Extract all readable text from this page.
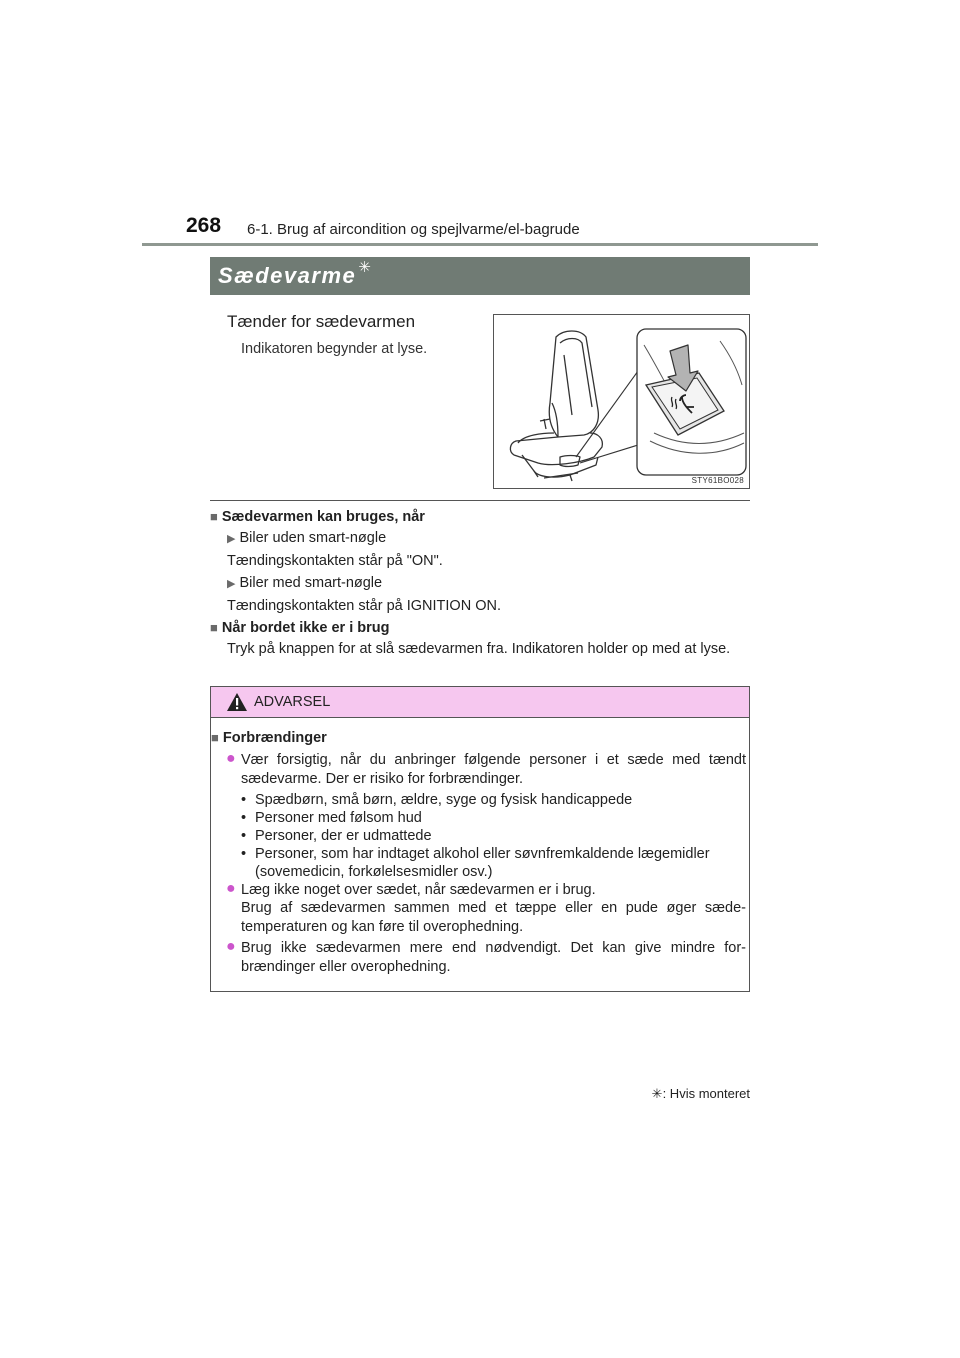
268 6-1. Brug af aircondition og spejlvarme/el-bagrude
Sædevarme ✳
Tænder for sædevarmen
Indikatoren begynder at lyse.
STY61BO028
■ Sædevarmen kan bruges, når
▶ Biler uden smart-nøgle
Tændingskontakten står på "ON".
▶ Biler med smart-nøgle
Tændingskontakten står på IGNITION ON.
■ Når bordet ikke er i brug
Tryk på knappen for at slå sædevarmen fra. Indikatoren holder op med at lyse.
ADVARSEL
■ Forbrændinger
● Vær forsigtig, når du anbringer følgende personer i et sæde med tændt sædevarme. Der er risiko for forbrændinger.
• Spædbørn, små børn, ældre, syge og fysisk handicappede
• Personer med følsom hud
• Personer, der er udmattede
• Personer, som har indtaget alkohol eller søvnfremkaldende lægemidler
(sovemedicin, forkølelsesmidler osv.)
● Læg ikke noget over sædet, når sædevarmen er i brug.
Brug af sædevarmen sammen med et tæppe eller en pude øger sæde-temperaturen og kan føre til overophedning.
● Brug ikke sædevarmen mere end nødvendigt. Det kan give mindre for-brændinger eller overophedning.
✳: Hvis monteret
